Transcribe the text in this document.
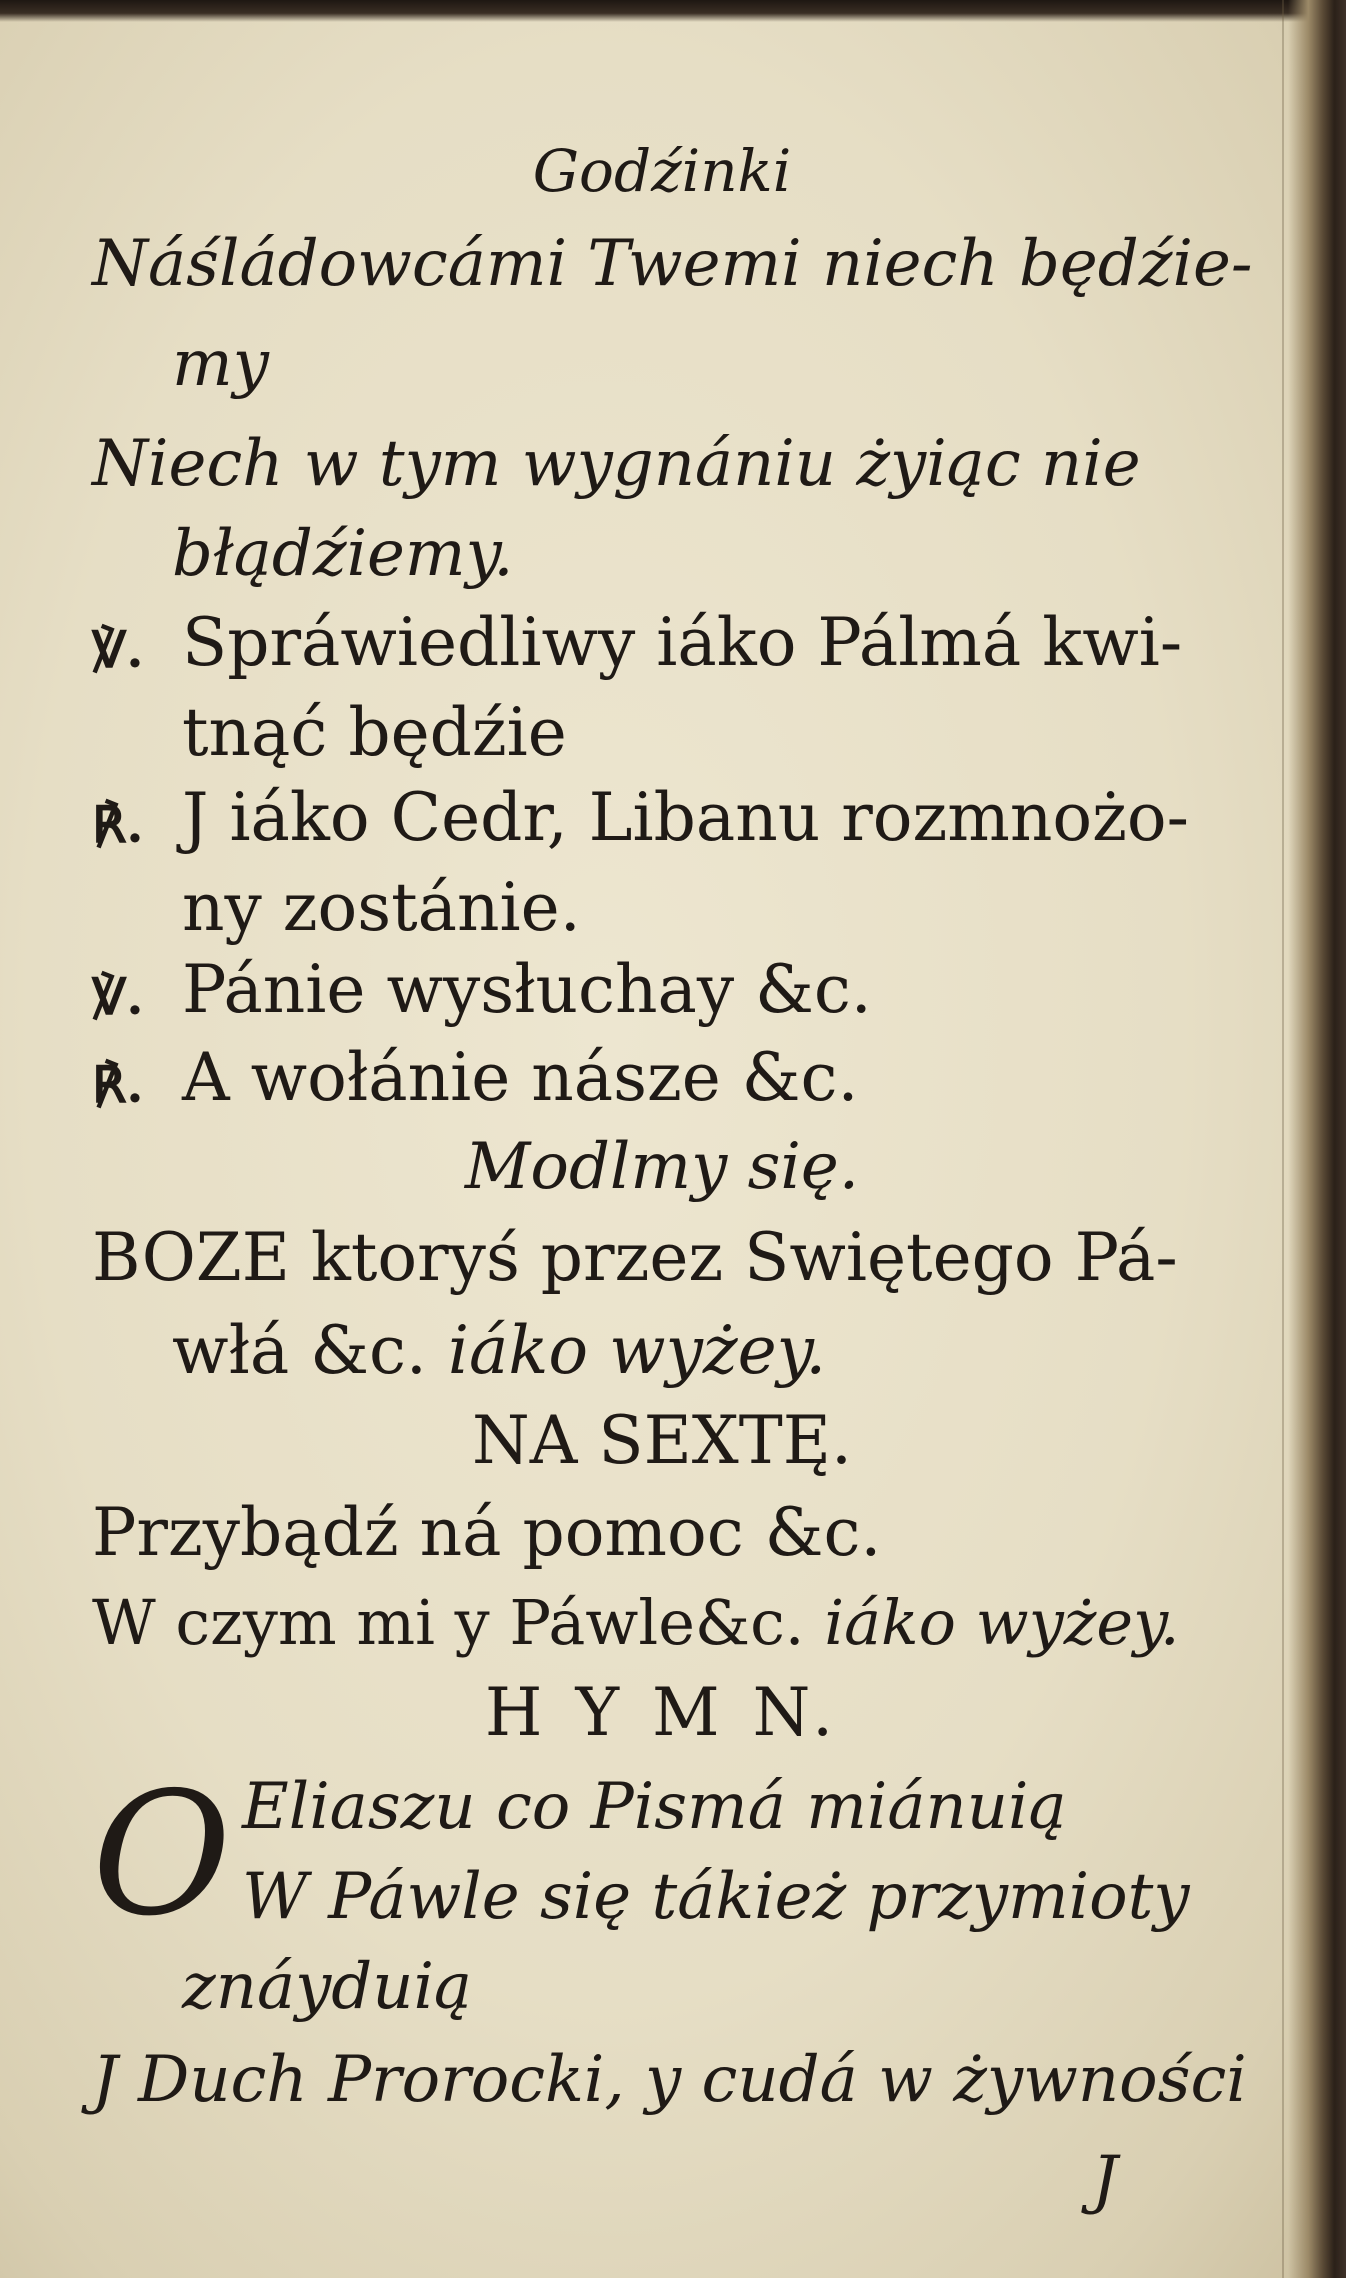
Godźinki
Náśládowcámi Twemi niech będźie-
my
Niech w tym wygnániu żyiąc nie
błądźiemy.
℣. Spráwiedliwy iáko Pálmá kwi-
tnąć będźie
℟. J iáko Cedr, Libanu rozmnożo-
ny zostánie.
℣. Pánie wysłuchay &c.
℟. A wołánie násze &c.
Modlmy się.
BOZE ktoryś przez Swiętego Pá-
włá &c. iáko wyżey.
NA SEXTĘ.
Przybądź ná pomoc &c.
W czym mi y Páwle&c. iáko wyżey.
H Y M N.
O Eliaszu co Pismá miánuią
W Páwle się tákież przymioty
znáyduią
J Duch Prorocki, y cudá w żywności
J
